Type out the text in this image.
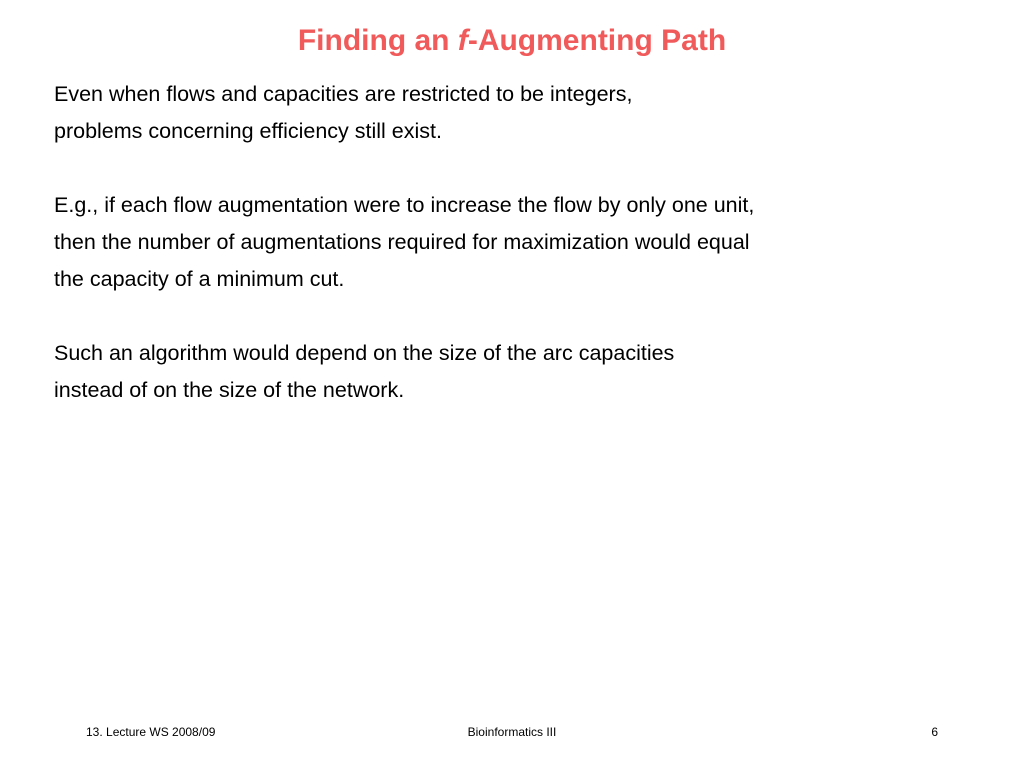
Finding an f-Augmenting Path
Even when flows and capacities are restricted to be integers,
problems concerning efficiency still exist.
E.g., if each flow augmentation were to increase the flow by only one unit,
then the number of augmentations required for maximization would equal
the capacity of a minimum cut.
Such an algorithm would depend on the size of the arc capacities
instead of on the size of the network.
13. Lecture WS 2008/09	Bioinformatics III	6
